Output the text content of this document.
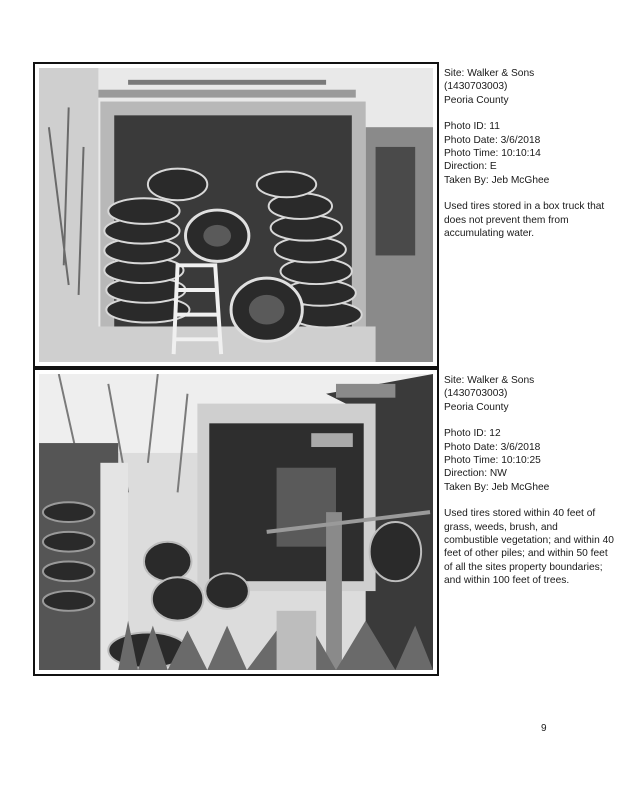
Site: Walker & Sons

(1430703003)

Peoria County

Photo ID: 11

Photo Date: 3/6/2018

Photo Time: 10:10:14

Direction: E

Taken By: Jeb McGhee

Used tires stored in a box truck that does not prevent them from accumulating water.

Site: Walker & Sons

(1430703003)

Peoria County

Photo ID: 12

Photo Date: 3/6/2018

Photo Time: 10:10:25

Direction: NW

Taken By: Jeb McGhee

Used tires stored within 40 feet of grass, weeds, brush, and combustible vegetation; and within 40 feet of other piles; and within 50 feet of all the sites property boundaries; and within 100 feet of trees.

9
